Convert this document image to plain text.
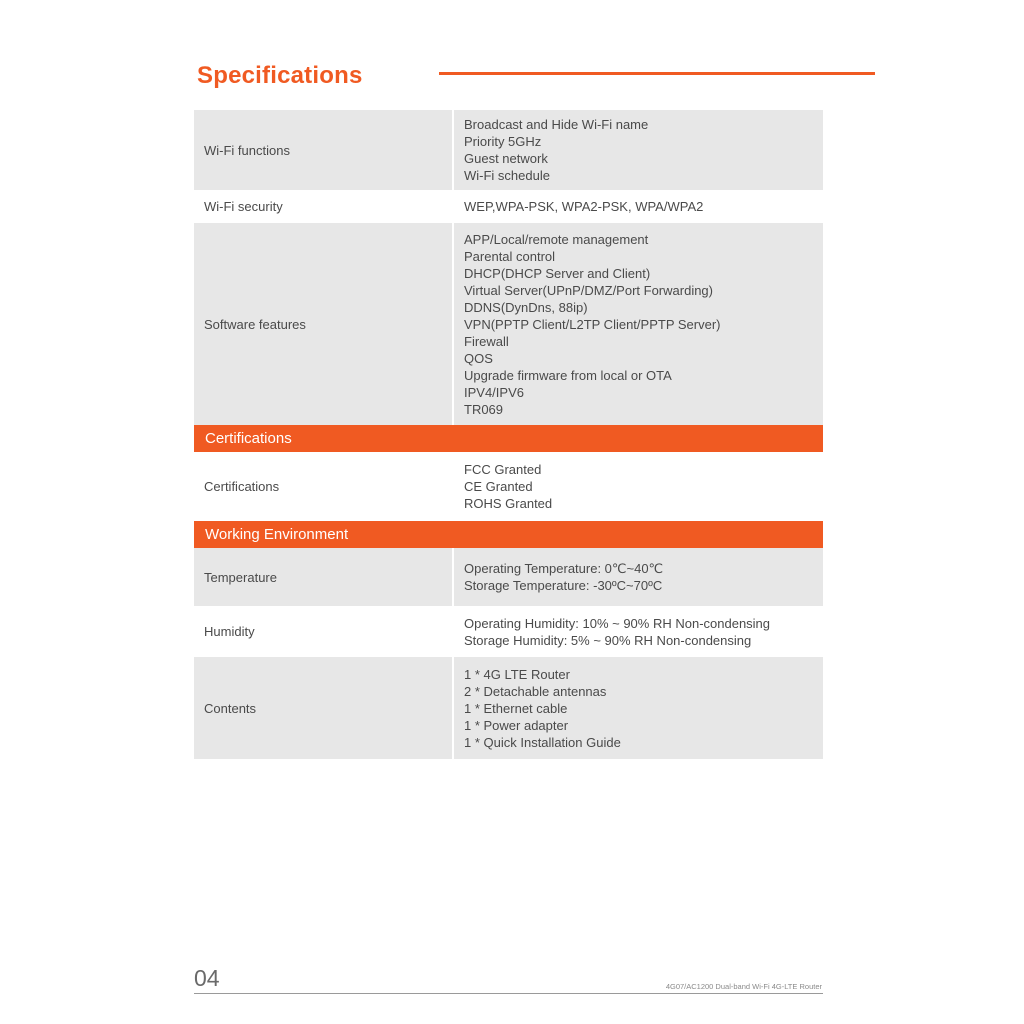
Specifications
Wi-Fi functions
Broadcast and Hide Wi-Fi name
Priority 5GHz
Guest network
Wi-Fi schedule
Wi-Fi security	WEP,WPA-PSK, WPA2-PSK, WPA/WPA2
Software features
APP/Local/remote management
Parental control
DHCP(DHCP Server and Client)
Virtual Server(UPnP/DMZ/Port Forwarding)
DDNS(DynDns, 88ip)
VPN(PPTP Client/L2TP Client/PPTP Server)
Firewall
QOS
Upgrade firmware from local or OTA
IPV4/IPV6
TR069
Certifications
Certifications
FCC Granted
CE Granted
ROHS Granted
Working Environment
Temperature
Operating Temperature: 0℃~40℃
Storage Temperature: -30ºC~70ºC
Humidity
Operating Humidity: 10% ~ 90% RH Non-condensing
Storage Humidity: 5% ~ 90% RH Non-condensing
Contents
1 * 4G LTE Router
2 * Detachable antennas
1 * Ethernet cable
1 * Power adapter
1 * Quick Installation Guide
04	4G07/AC1200 Dual-band Wi-Fi 4G-LTE Router
